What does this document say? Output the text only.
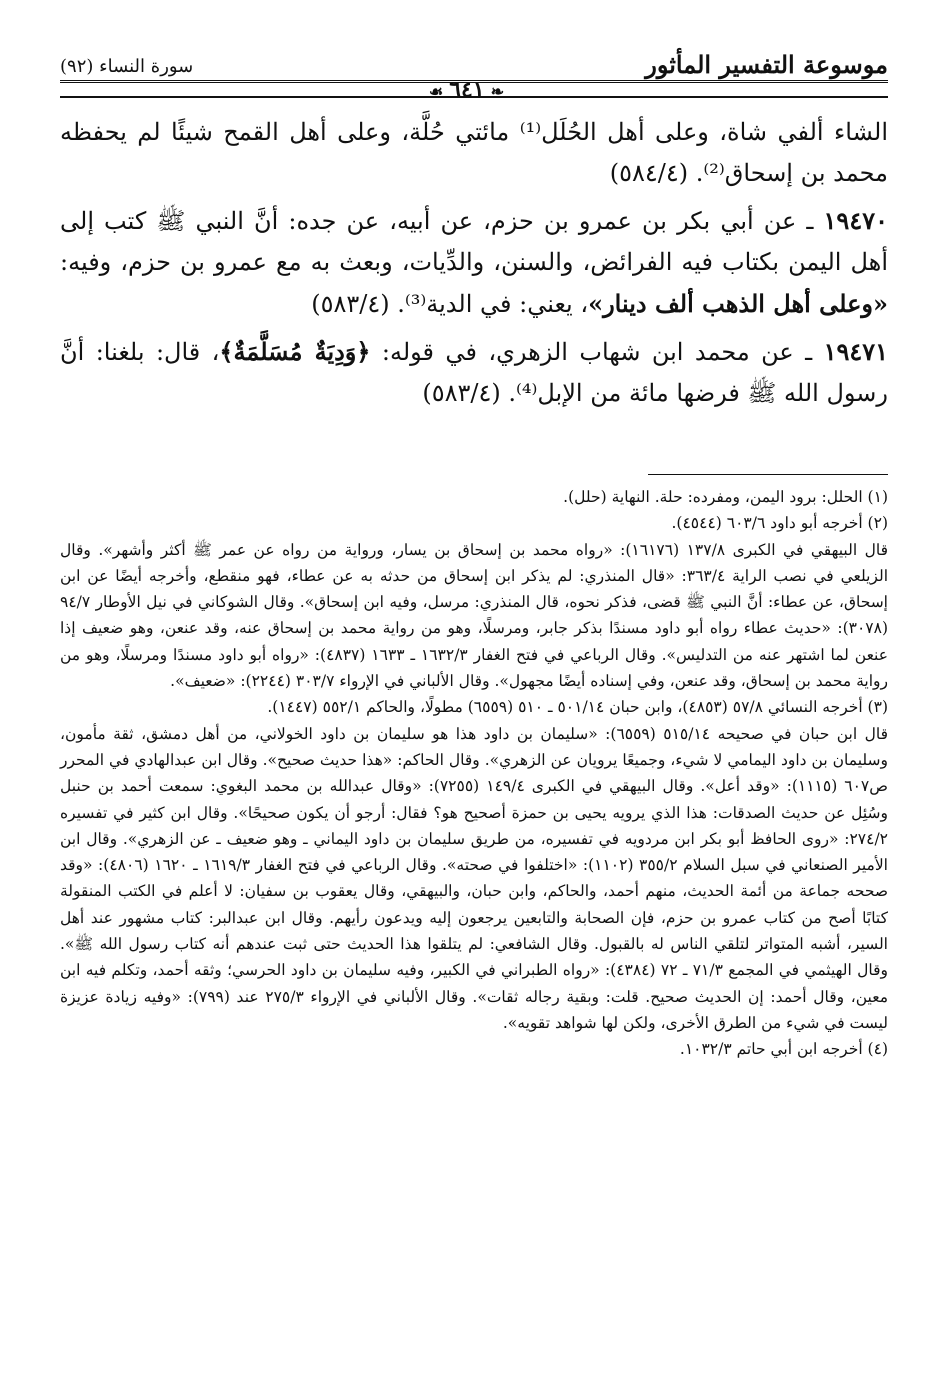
موسوعة التفسير المأثور
سورة النساء (٩٢)
❧٦٤١☙

الشاء ألفي شاة، وعلى أهل الحُلَل⁽¹⁾ مائتي حُلَّة، وعلى أهل القمح شيئًا لم يحفظه محمد بن إسحاق⁽²⁾. (٥٨٤/٤)

١٩٤٧٠ ـ عن أبي بكر بن عمرو بن حزم، عن أبيه، عن جده: أنَّ النبي ﷺ كتب إلى أهل اليمن بكتاب فيه الفرائض، والسنن، والدِّيات، وبعث به مع عمرو بن حزم، وفيه: «وعلى أهل الذهب ألف دينار»، يعني: في الدية⁽³⁾. (٥٨٣/٤)

١٩٤٧١ ـ عن محمد ابن شهاب الزهري، في قوله: ﴿وَدِيَةٌ مُسَلَّمَةٌ﴾، قال: بلغنا: أنَّ رسول الله ﷺ فرضها مائة من الإبل⁽⁴⁾. (٥٨٣/٤)

(١) الحلل: برود اليمن، ومفرده: حلة. النهاية (حلل).

(٢) أخرجه أبو داود ٦٠٣/٦ (٤٥٤٤).

قال البيهقي في الكبرى ١٣٧/٨ (١٦١٧٦): «رواه محمد بن إسحاق بن يسار، ورواية من رواه عن عمر ﷺ أكثر وأشهر». وقال الزيلعي في نصب الراية ٣٦٣/٤: «قال المنذري: لم يذكر ابن إسحاق من حدثه به عن عطاء، فهو منقطع، وأخرجه أيضًا عن ابن إسحاق، عن عطاء: أنَّ النبي ﷺ قضى، فذكر نحوه، قال المنذري: مرسل، وفيه ابن إسحاق». وقال الشوكاني في نيل الأوطار ٩٤/٧ (٣٠٧٨): «حديث عطاء رواه أبو داود مسندًا بذكر جابر، ومرسلًا، وهو من رواية محمد بن إسحاق عنه، وقد عنعن، وهو ضعيف إذا عنعن لما اشتهر عنه من التدليس». وقال الرباعي في فتح الغفار ١٦٣٢/٣ ـ ١٦٣٣ (٤٨٣٧): «رواه أبو داود مسندًا ومرسلًا، وهو من رواية محمد بن إسحاق، وقد عنعن، وفي إسناده أيضًا مجهول». وقال الألباني في الإرواء ٣٠٣/٧ (٢٢٤٤): «ضعيف».

(٣) أخرجه النسائي ٥٧/٨ (٤٨٥٣)، وابن حبان ٥٠١/١٤ ـ ٥١٠ (٦٥٥٩) مطولًا، والحاكم ٥٥٢/١ (١٤٤٧).

قال ابن حبان في صحيحه ٥١٥/١٤ (٦٥٥٩): «سليمان بن داود هذا هو سليمان بن داود الخولاني، من أهل دمشق، ثقة مأمون، وسليمان بن داود اليمامي لا شيء، وجميعًا يرويان عن الزهري». وقال الحاكم: «هذا حديث صحيح». وقال ابن عبدالهادي في المحرر ص٦٠٧ (١١١٥): «وقد أعل». وقال البيهقي في الكبرى ١٤٩/٤ (٧٢٥٥): «وقال عبدالله بن محمد البغوي: سمعت أحمد بن حنبل وسُئِل عن حديث الصدقات: هذا الذي يرويه يحيى بن حمزة أصحيح هو؟ فقال: أرجو أن يكون صحيحًا». وقال ابن كثير في تفسيره ٢٧٤/٢: «روى الحافظ أبو بكر ابن مردويه في تفسيره، من طريق سليمان بن داود اليماني ـ وهو ضعيف ـ عن الزهري». وقال ابن الأمير الصنعاني في سبل السلام ٣٥٥/٢ (١١٠٢): «اختلفوا في صحته». وقال الرباعي في فتح الغفار ١٦١٩/٣ ـ ١٦٢٠ (٤٨٠٦): «وقد صححه جماعة من أئمة الحديث، منهم أحمد، والحاكم، وابن حبان، والبيهقي، وقال يعقوب بن سفيان: لا أعلم في الكتب المنقولة كتابًا أصح من كتاب عمرو بن حزم، فإن الصحابة والتابعين يرجعون إليه ويدعون رأيهم. وقال ابن عبدالبر: كتاب مشهور عند أهل السير، أشبه المتواتر لتلقي الناس له بالقبول. وقال الشافعي: لم يتلقوا هذا الحديث حتى ثبت عندهم أنه كتاب رسول الله ﷺ». وقال الهيثمي في المجمع ٧١/٣ ـ ٧٢ (٤٣٨٤): «رواه الطبراني في الكبير، وفيه سليمان بن داود الحرسي؛ وثقه أحمد، وتكلم فيه ابن معين، وقال أحمد: إن الحديث صحيح. قلت: وبقية رجاله ثقات». وقال الألباني في الإرواء ٢٧٥/٣ عند (٧٩٩): «وفيه زيادة عزيزة ليست في شيء من الطرق الأخرى، ولكن لها شواهد تقويه».

(٤) أخرجه ابن أبي حاتم ١٠٣٢/٣.
